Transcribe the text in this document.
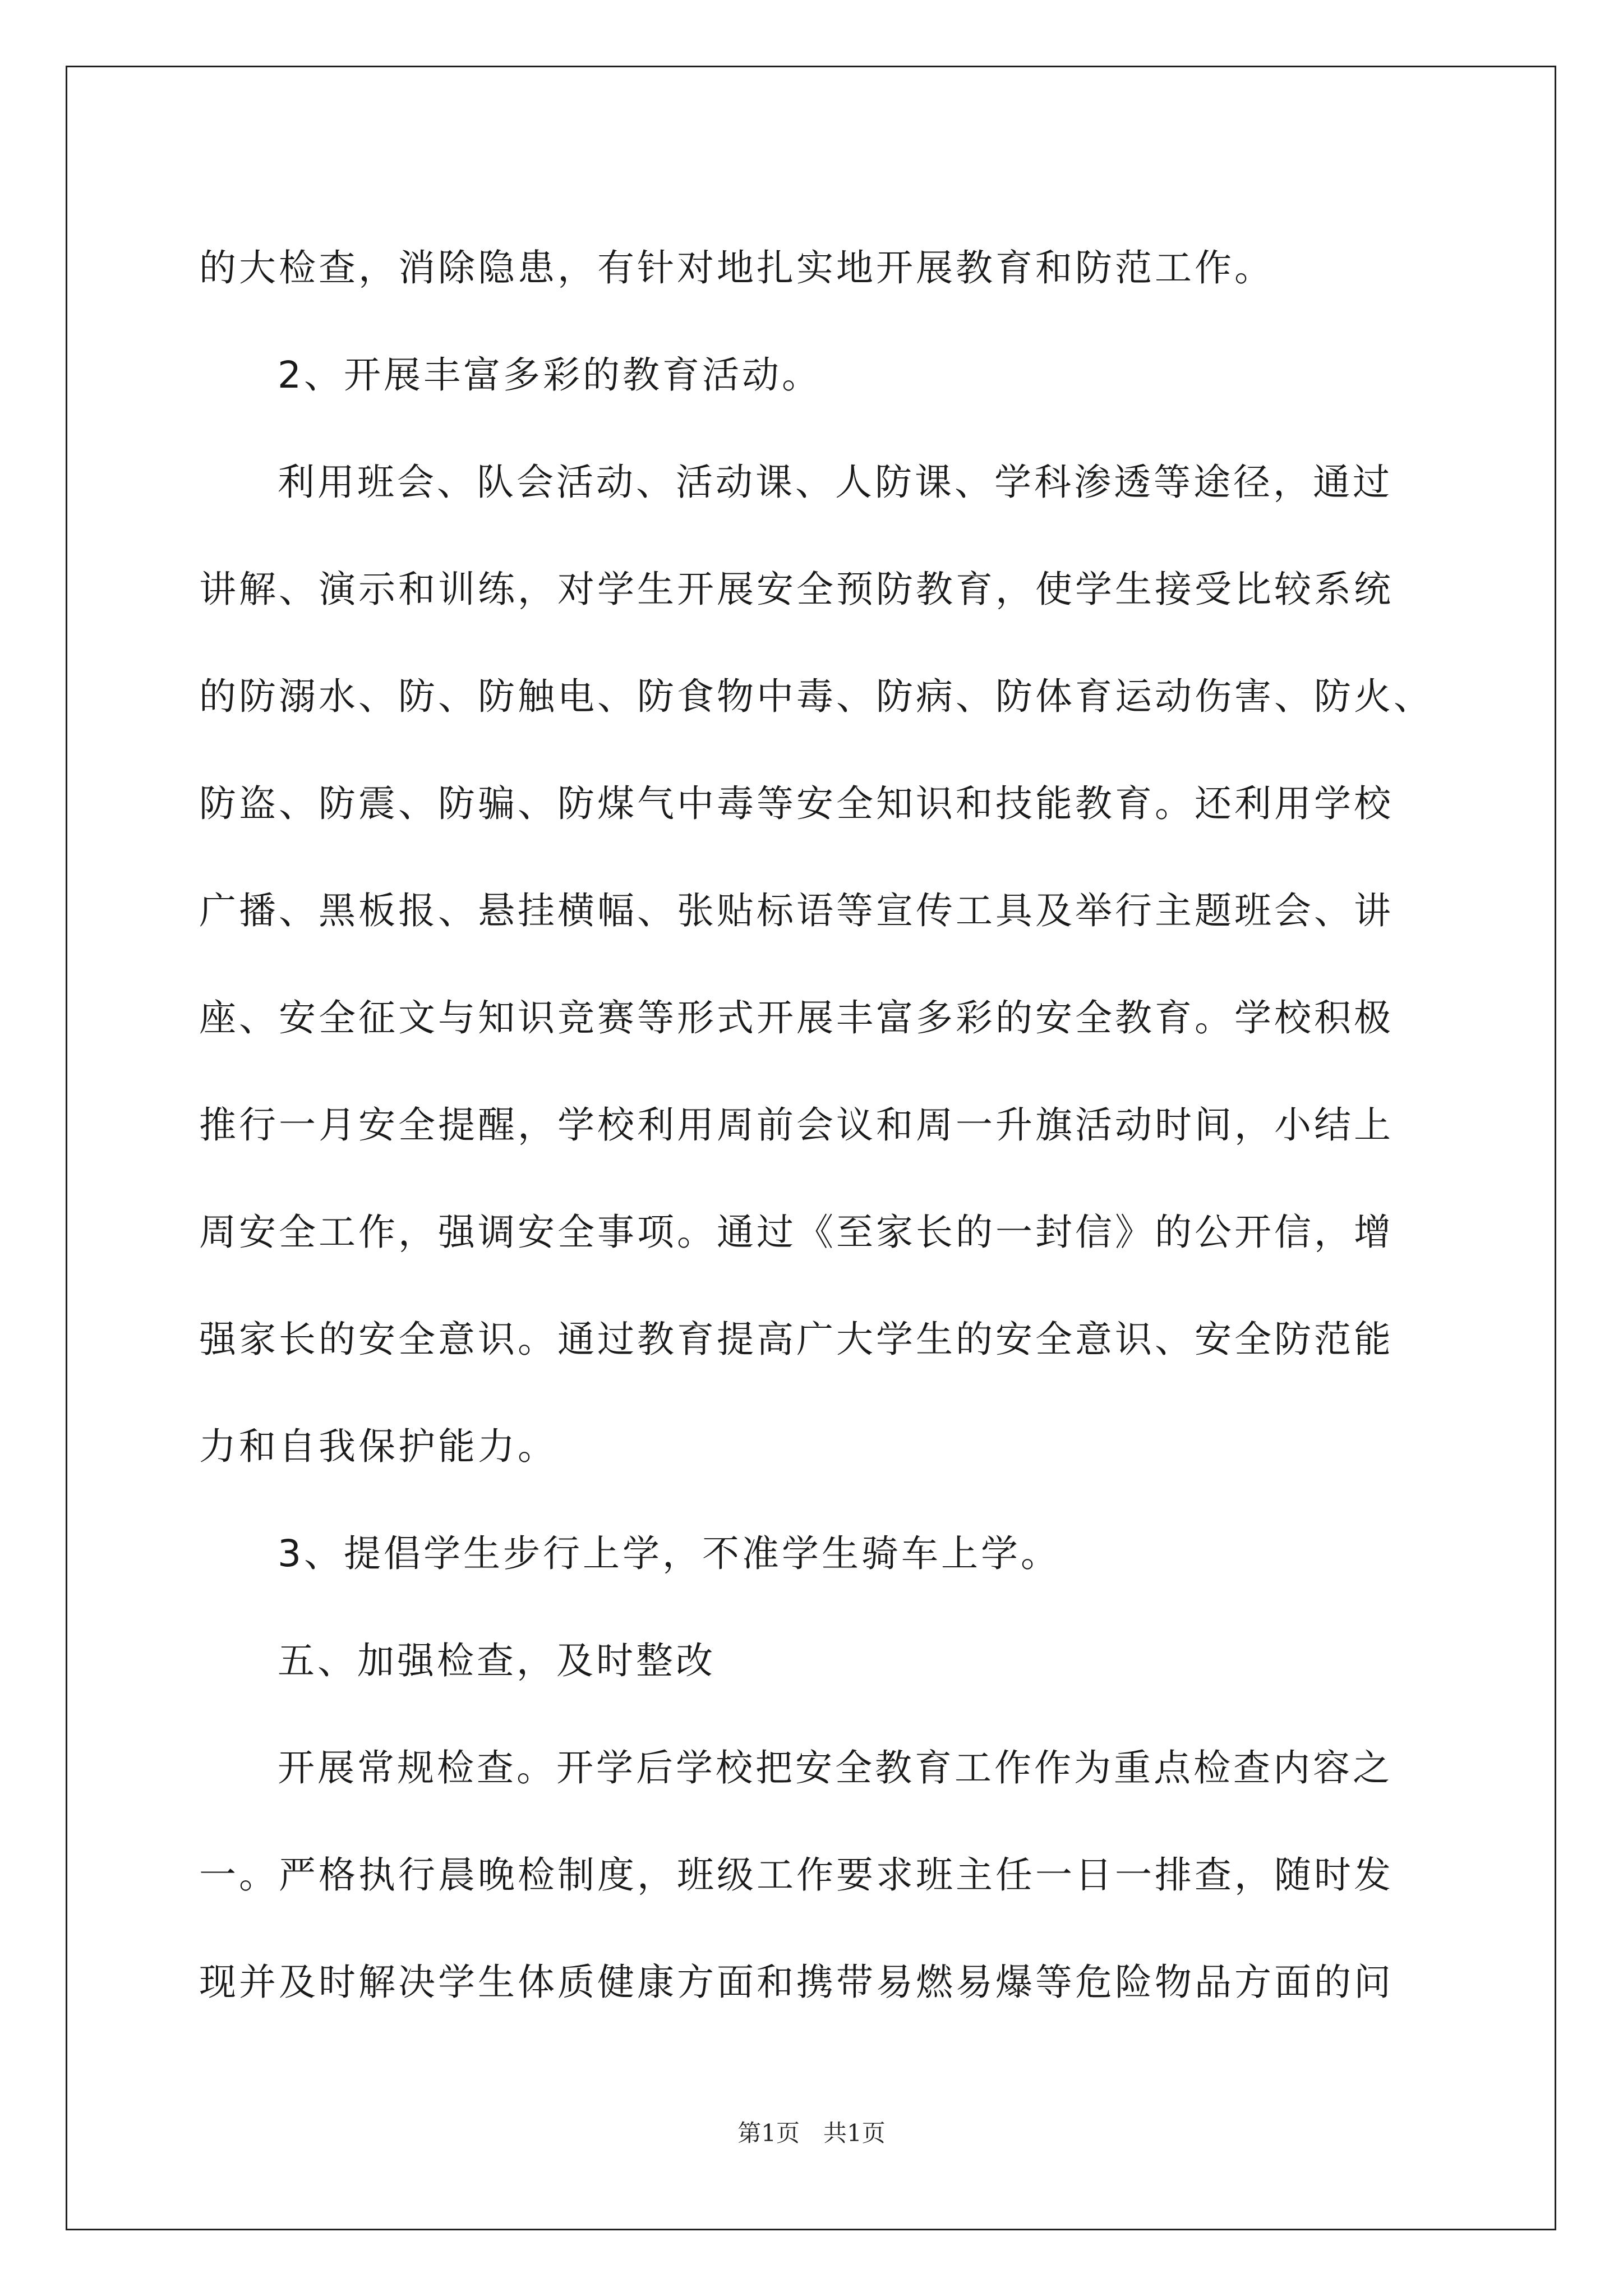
的大检查，消除隐患，有针对地扎实地开展教育和防范工作。
2、开展丰富多彩的教育活动。
利用班会、队会活动、活动课、人防课、学科渗透等途径，通过
讲解、演示和训练，对学生开展安全预防教育，使学生接受比较系统
的防溺水、防、防触电、防食物中毒、防病、防体育运动伤害、防火、
防盗、防震、防骗、防煤气中毒等安全知识和技能教育。还利用学校
广播、黑板报、悬挂横幅、张贴标语等宣传工具及举行主题班会、讲
座、安全征文与知识竞赛等形式开展丰富多彩的安全教育。学校积极
推行一月安全提醒，学校利用周前会议和周一升旗活动时间，小结上
周安全工作，强调安全事项。通过《至家长的一封信》的公开信，增
强家长的安全意识。通过教育提高广大学生的安全意识、安全防范能
力和自我保护能力。
3、提倡学生步行上学，不准学生骑车上学。
五、加强检查，及时整改
开展常规检查。开学后学校把安全教育工作作为重点检查内容之
一。严格执行晨晚检制度，班级工作要求班主任一日一排查，随时发
现并及时解决学生体质健康方面和携带易燃易爆等危险物品方面的问
第1页　共1页
